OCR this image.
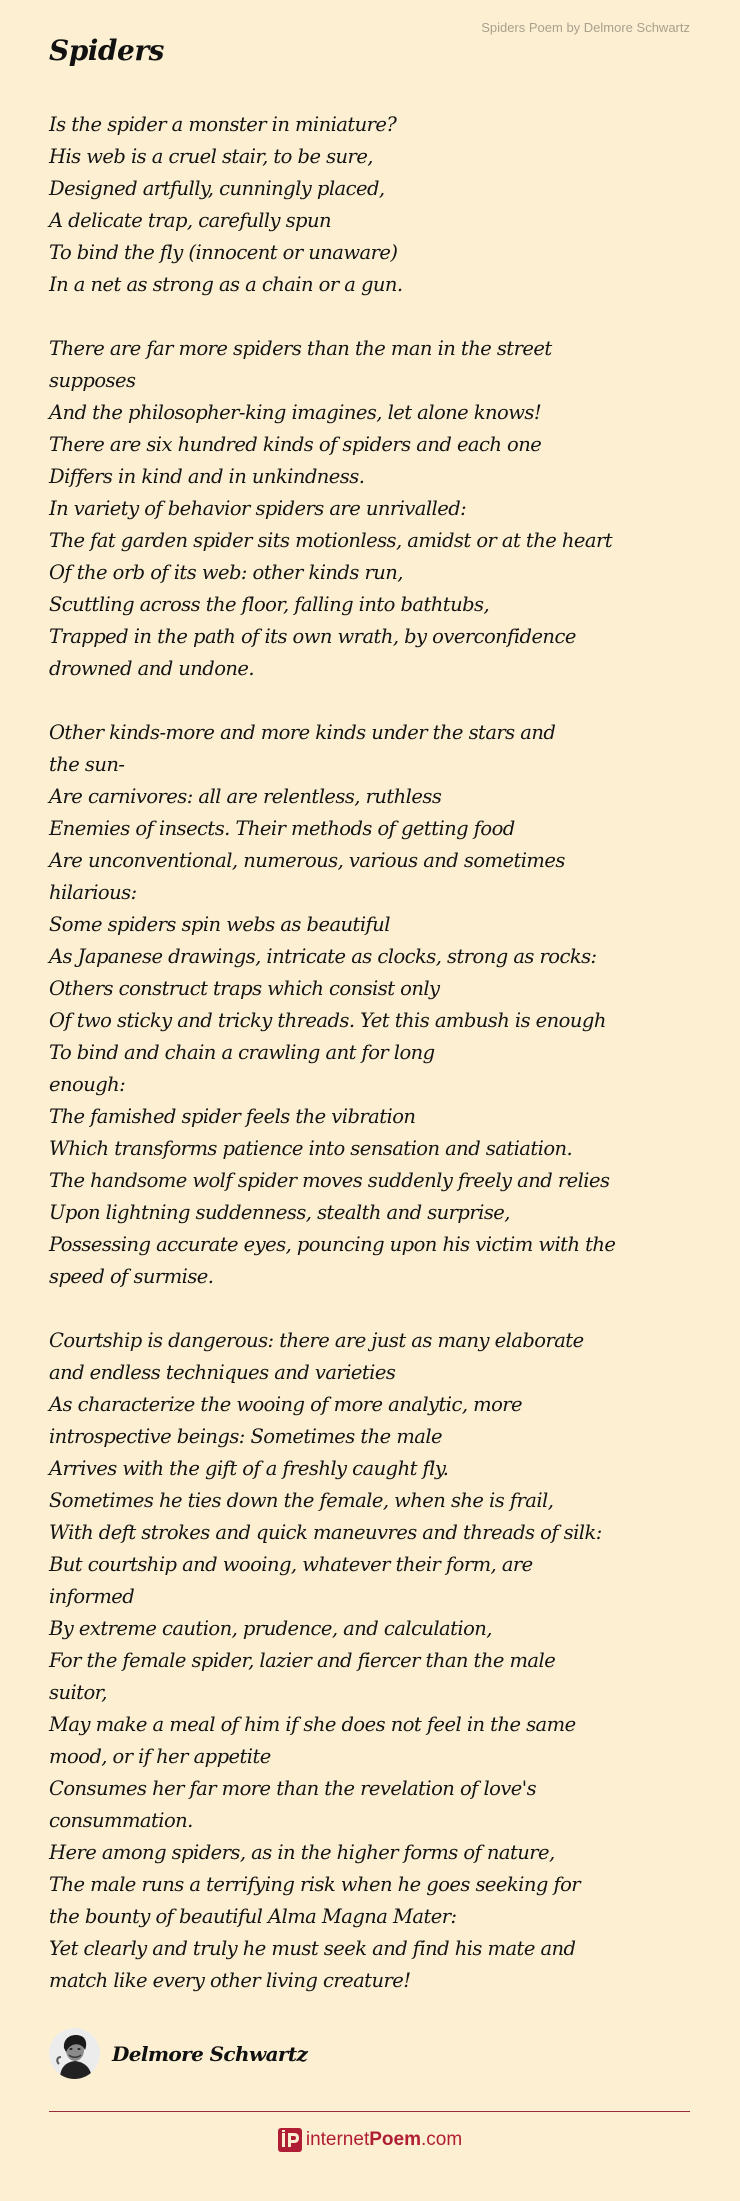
Spiders Poem by Delmore Schwartz
Spiders
Is the spider a monster in miniature?
His web is a cruel stair, to be sure,
Designed artfully, cunningly placed,
A delicate trap, carefully spun
To bind the fly (innocent or unaware)
In a net as strong as a chain or a gun.
There are far more spiders than the man in the street
supposes
And the philosopher-king imagines, let alone knows!
There are six hundred kinds of spiders and each one
Differs in kind and in unkindness.
In variety of behavior spiders are unrivalled:
The fat garden spider sits motionless, amidst or at the heart
Of the orb of its web: other kinds run,
Scuttling across the floor, falling into bathtubs,
Trapped in the path of its own wrath, by overconfidence
drowned and undone.
Other kinds-more and more kinds under the stars and
the sun-
Are carnivores: all are relentless, ruthless
Enemies of insects. Their methods of getting food
Are unconventional, numerous, various and sometimes
hilarious:
Some spiders spin webs as beautiful
As Japanese drawings, intricate as clocks, strong as rocks:
Others construct traps which consist only
Of two sticky and tricky threads. Yet this ambush is enough
To bind and chain a crawling ant for long
enough:
The famished spider feels the vibration
Which transforms patience into sensation and satiation.
The handsome wolf spider moves suddenly freely and relies
Upon lightning suddenness, stealth and surprise,
Possessing accurate eyes, pouncing upon his victim with the
speed of surmise.
Courtship is dangerous: there are just as many elaborate
and endless techniques and varieties
As characterize the wooing of more analytic, more
introspective beings: Sometimes the male
Arrives with the gift of a freshly caught fly.
Sometimes he ties down the female, when she is frail,
With deft strokes and quick maneuvres and threads of silk:
But courtship and wooing, whatever their form, are
informed
By extreme caution, prudence, and calculation,
For the female spider, lazier and fiercer than the male
suitor,
May make a meal of him if she does not feel in the same
mood, or if her appetite
Consumes her far more than the revelation of love's
consummation.
Here among spiders, as in the higher forms of nature,
The male runs a terrifying risk when he goes seeking for
the bounty of beautiful Alma Magna Mater:
Yet clearly and truly he must seek and find his mate and
match like every other living creature!
Delmore Schwartz
internetPoem.com
